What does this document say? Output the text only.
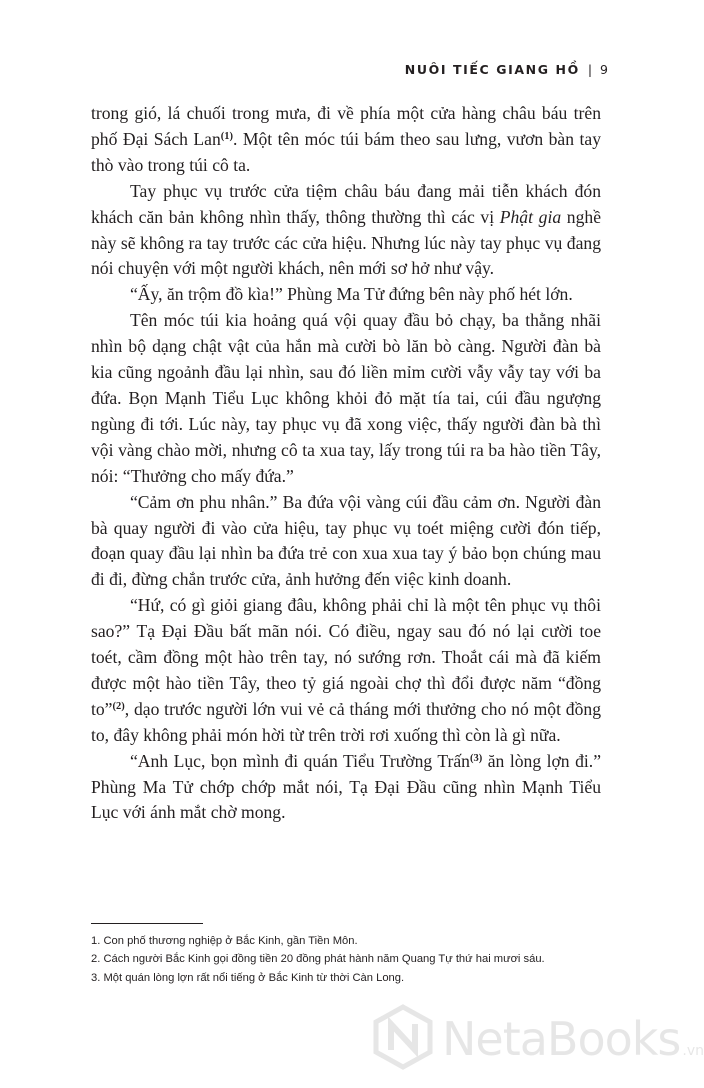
NUÔI TIẾC GIANG HỒ | 9

trong gió, lá chuối trong mưa, đi về phía một cửa hàng châu báu trên phố Đại Sách Lan$^{(1)}$. Một tên móc túi bám theo sau lưng, vươn bàn tay thò vào trong túi cô ta.

Tay phục vụ trước cửa tiệm châu báu đang mải tiễn khách đón khách căn bản không nhìn thấy, thông thường thì các vị Phật gia nghề này sẽ không ra tay trước các cửa hiệu. Nhưng lúc này tay phục vụ đang nói chuyện với một người khách, nên mới sơ hở như vậy.

“Ấy, ăn trộm đồ kìa!” Phùng Ma Tử đứng bên này phố hét lớn.

Tên móc túi kia hoảng quá vội quay đầu bỏ chạy, ba thằng nhãi nhìn bộ dạng chật vật của hắn mà cười bò lăn bò càng. Người đàn bà kia cũng ngoảnh đầu lại nhìn, sau đó liền mỉm cười vẫy vẫy tay với ba đứa. Bọn Mạnh Tiểu Lục không khỏi đỏ mặt tía tai, cúi đầu ngượng ngùng đi tới. Lúc này, tay phục vụ đã xong việc, thấy người đàn bà thì vội vàng chào mời, nhưng cô ta xua tay, lấy trong túi ra ba hào tiền Tây, nói: “Thưởng cho mấy đứa.”

“Cảm ơn phu nhân.” Ba đứa vội vàng cúi đầu cảm ơn. Người đàn bà quay người đi vào cửa hiệu, tay phục vụ toét miệng cười đón tiếp, đoạn quay đầu lại nhìn ba đứa trẻ con xua xua tay ý bảo bọn chúng mau đi đi, đừng chắn trước cửa, ảnh hưởng đến việc kinh doanh.

“Hứ, có gì giỏi giang đâu, không phải chỉ là một tên phục vụ thôi sao?” Tạ Đại Đầu bất mãn nói. Có điều, ngay sau đó nó lại cười toe toét, cầm đồng một hào trên tay, nó sướng rơn. Thoắt cái mà đã kiếm được một hào tiền Tây, theo tỷ giá ngoài chợ thì đổi được năm “đồng to”$^{(2)}$, dạo trước người lớn vui vẻ cả tháng mới thưởng cho nó một đồng to, đây không phải món hời từ trên trời rơi xuống thì còn là gì nữa.

“Anh Lục, bọn mình đi quán Tiểu Trường Trấn$^{(3)}$ ăn lòng lợn đi.” Phùng Ma Tử chớp chớp mắt nói, Tạ Đại Đầu cũng nhìn Mạnh Tiểu Lục với ánh mắt chờ mong.

1. Con phố thương nghiệp ở Bắc Kinh, gần Tiền Môn.
2. Cách người Bắc Kinh gọi đồng tiền 20 đồng phát hành năm Quang Tự thứ hai mươi sáu.
3. Một quán lòng lợn rất nổi tiếng ở Bắc Kinh từ thời Càn Long.
NetaBooks .vn
